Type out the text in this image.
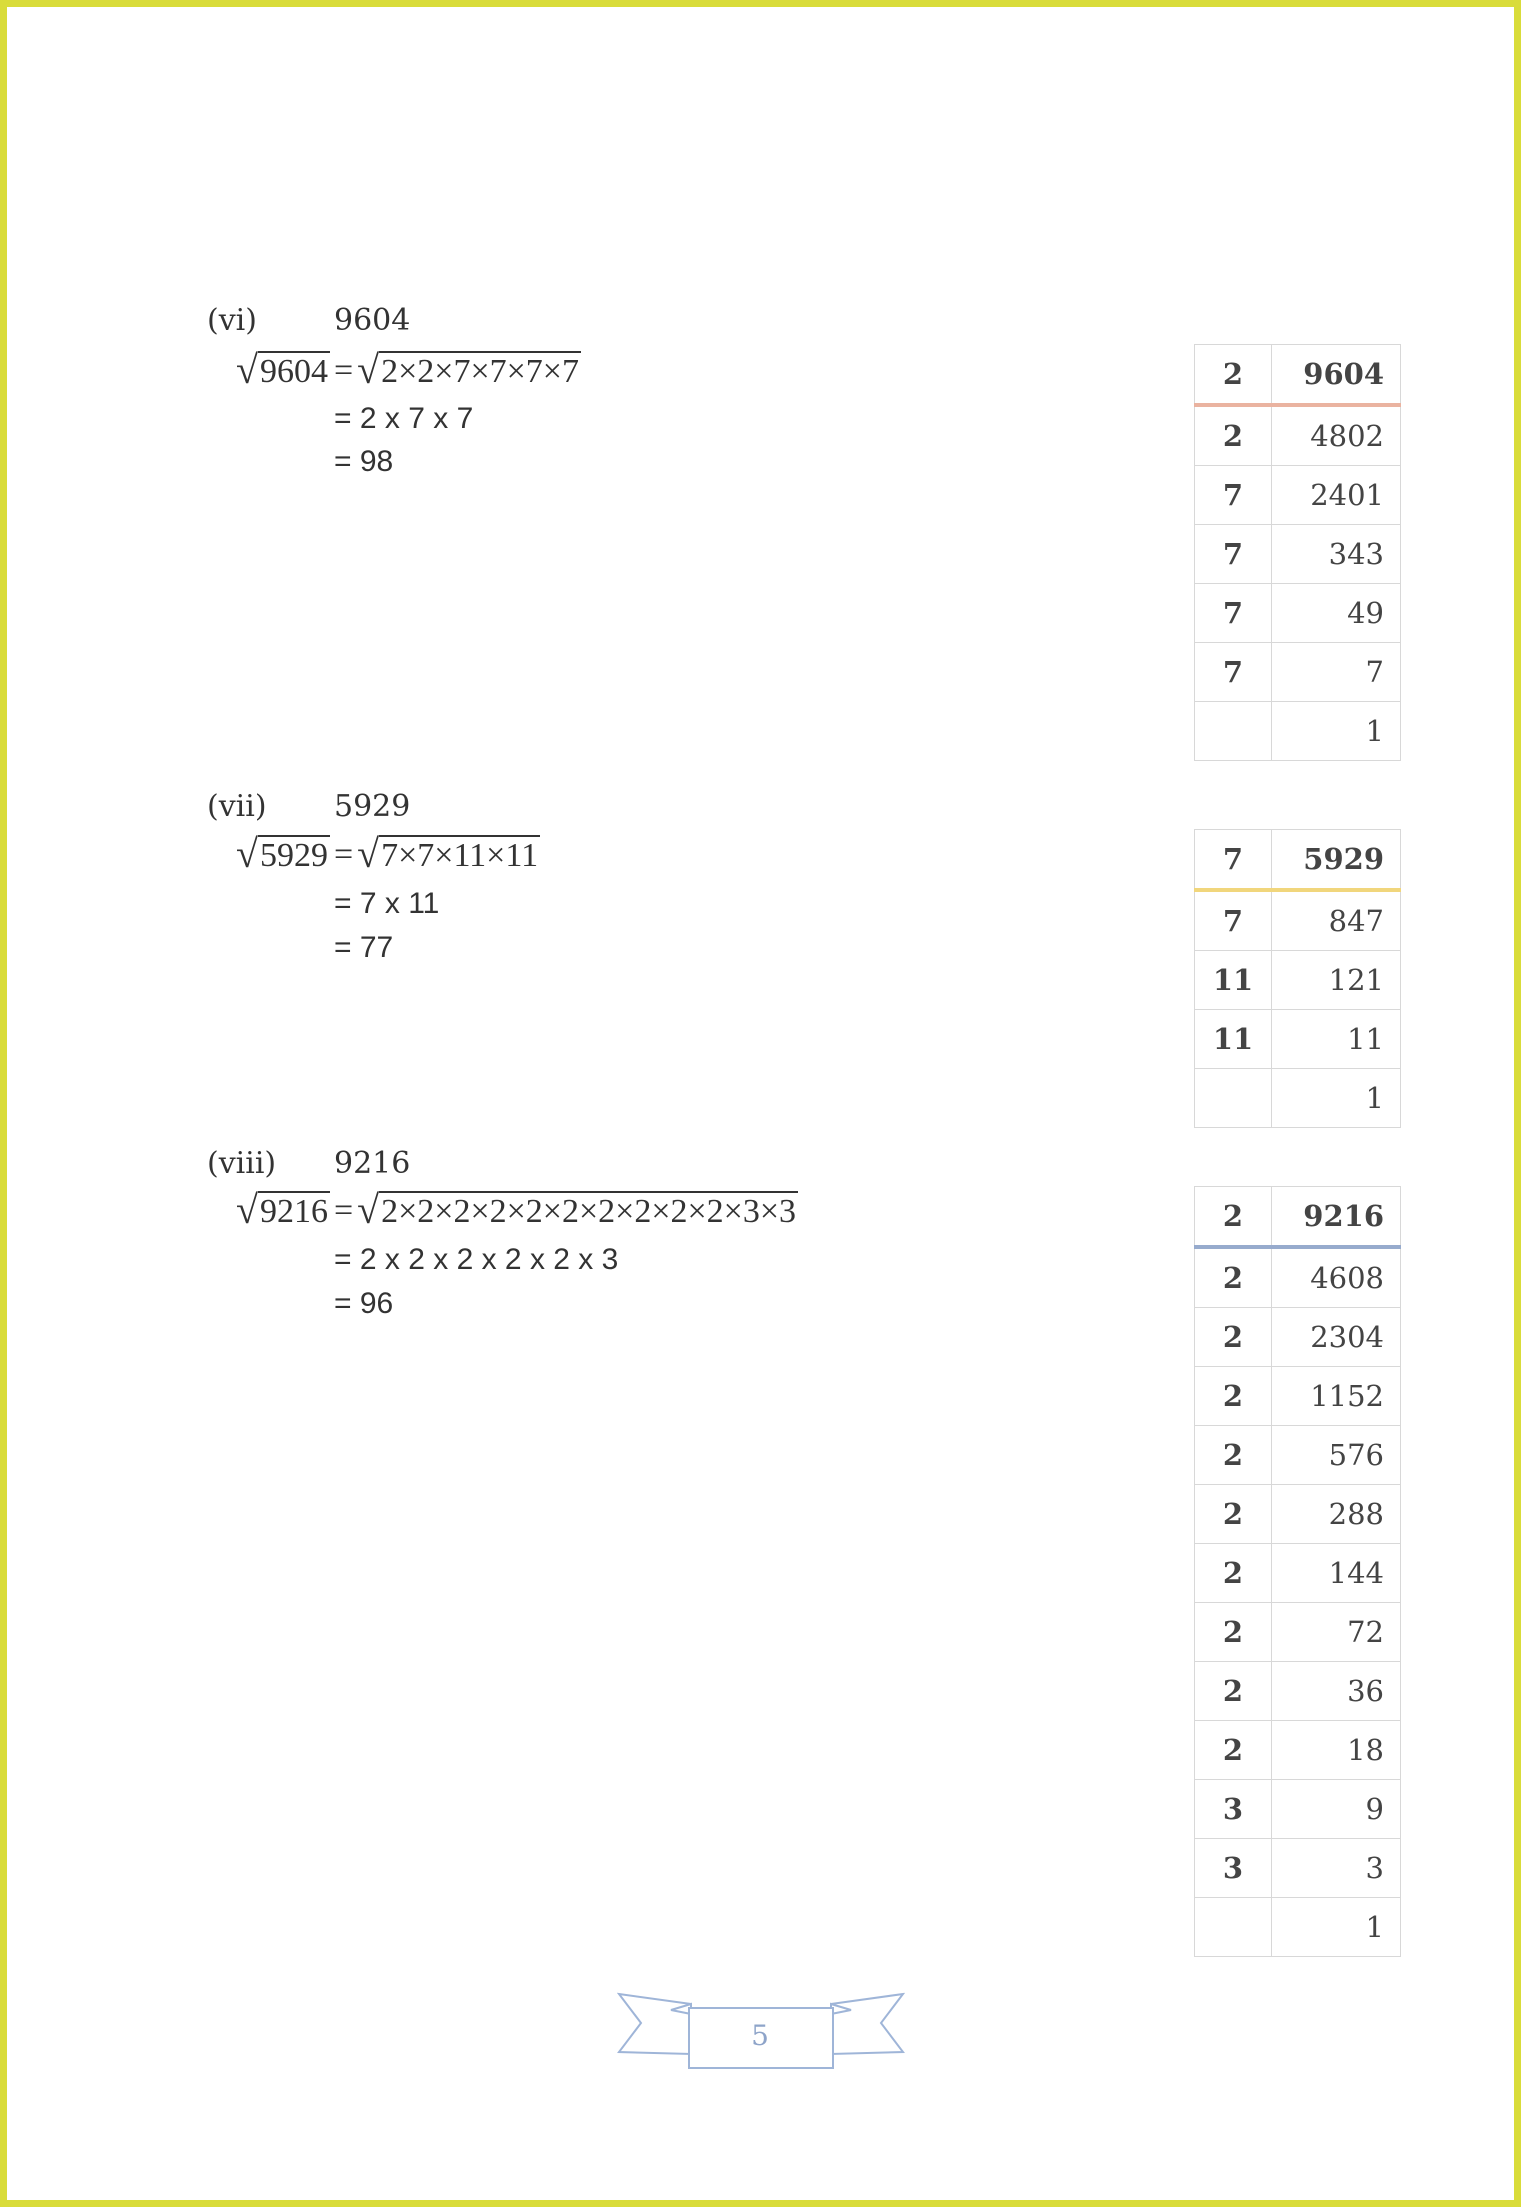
(vi)	9604
√ 9604 = √ 2×2×7×7×7×7
= 2 x 7 x 7
= 98
2	9604
2	4802
7	2401
7	343
7	49
7	7
	1
(vii) 5929
√ 5929 = √ 7×7×11×11
= 7 x 11
= 77
7	5929
7	847
11	121
11	11
	1
(viii) 9216
√ 9216 = √ 2×2×2×2×2×2×2×2×2×2×3×3
= 2 x 2 x 2 x 2 x 2 x 3
= 96
2	9216
2	4608
2	2304
2	1152
2	576
2	288
2	144
2	72
2	36
2	18
3	9
3	3
	1
5
